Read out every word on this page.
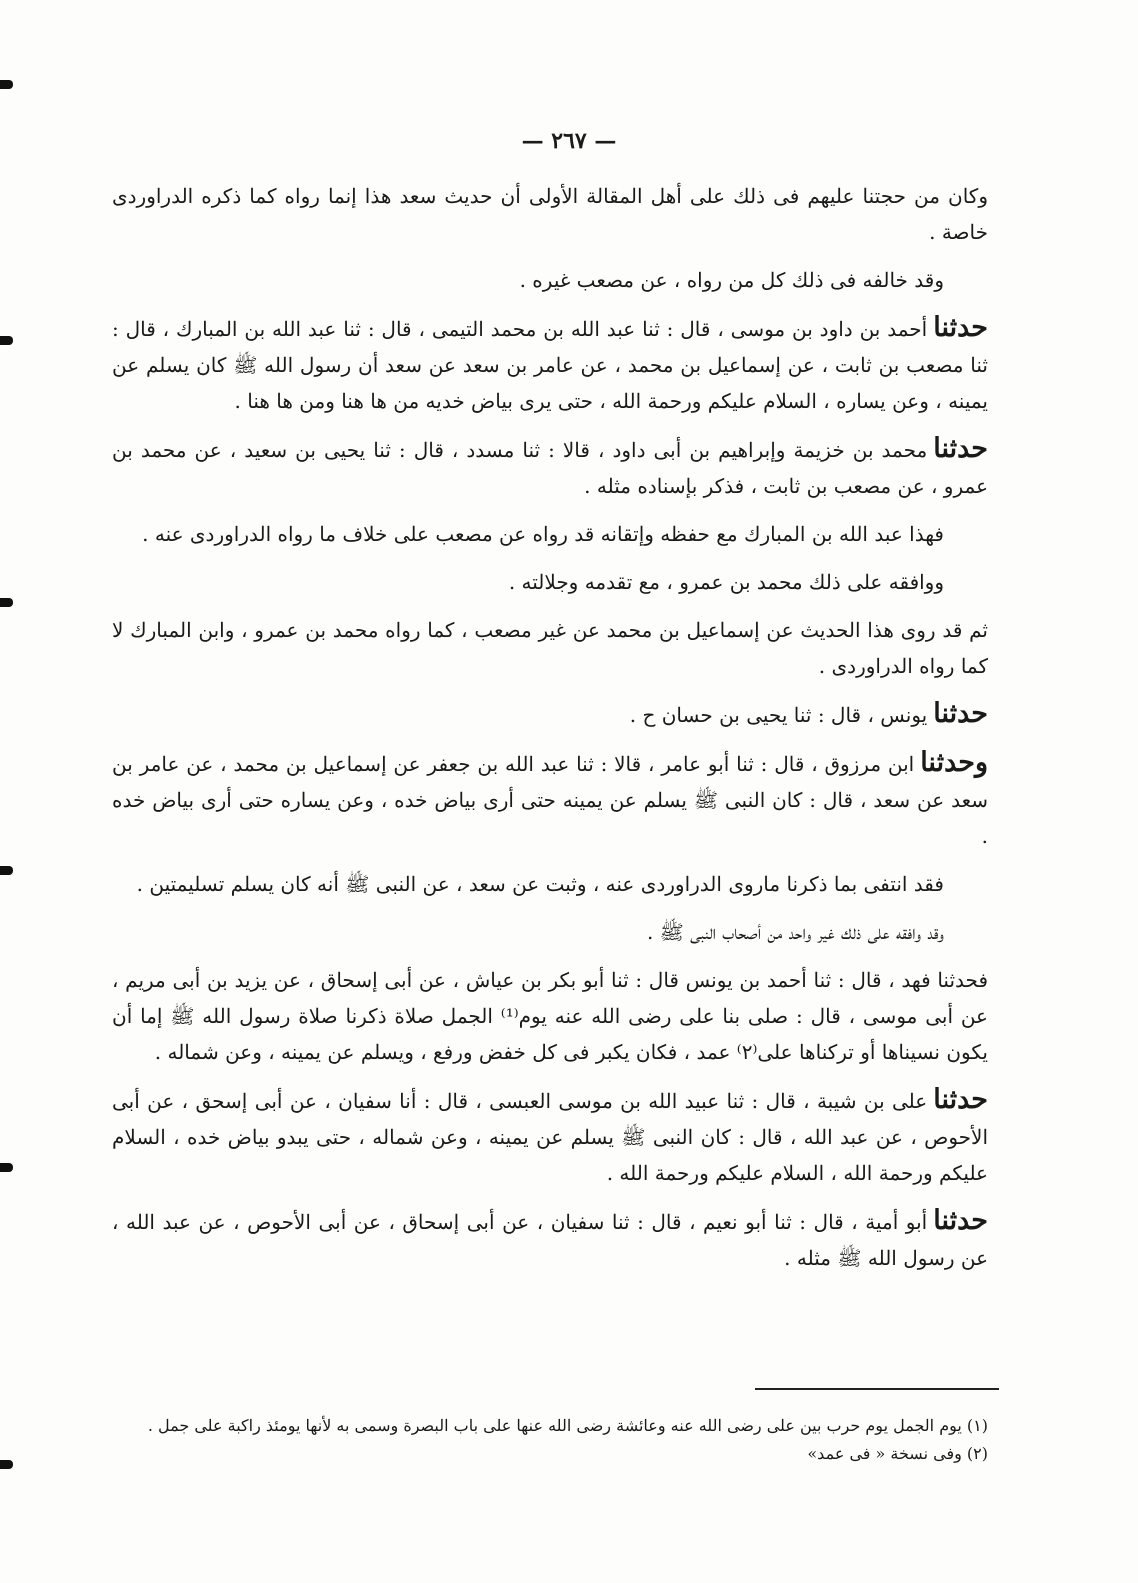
— ٢٦٧ —

وكان من حجتنا عليهم فى ذلك على أهل المقالة الأولى أن حديث سعد هذا إنما رواه كما ذكره الدراوردى خاصة .

وقد خالفه فى ذلك كل من رواه ، عن مصعب غيره .

حدثناأحمد بن داود بن موسى ، قال : ثنا عبد الله بن محمد التيمى ، قال : ثنا عبد الله بن المبارك ، قال : ثنا مصعب بن ثابت ، عن إسماعيل بن محمد ، عن عامر بن سعد عن سعد أن رسول الله ﷺ كان يسلم عن يمينه ، وعن يساره ، السلام عليكم ورحمة الله ، حتى يرى بياض خديه من ها هنا ومن ها هنا .

حدثنامحمد بن خزيمة وإبراهيم بن أبى داود ، قالا : ثنا مسدد ، قال : ثنا يحيى بن سعيد ، عن محمد بن عمرو ، عن مصعب بن ثابت ، فذكر بإسناده مثله .

فهذا عبد الله بن المبارك مع حفظه وإتقانه قد رواه عن مصعب على خلاف ما رواه الدراوردى عنه .

ووافقه على ذلك محمد بن عمرو ، مع تقدمه وجلالته .

ثم قد روى هذا الحديث عن إسماعيل بن محمد عن غير مصعب ، كما رواه محمد بن عمرو ، وابن المبارك لا كما رواه الدراوردى .

حدثنايونس ، قال : ثنا يحيى بن حسان ح .

وحدثناابن مرزوق ، قال : ثنا أبو عامر ، قالا : ثنا عبد الله بن جعفر عن إسماعيل بن محمد ، عن عامر بن سعد عن سعد ، قال : كان النبى ﷺ يسلم عن يمينه حتى أرى بياض خده ، وعن يساره حتى أرى بياض خده .

فقد انتفى بما ذكرنا ماروى الدراوردى عنه ، وثبت عن سعد ، عن النبى ﷺ أنه كان يسلم تسليمتين .

وقد وافقه على ذلك غير واحد من أصحاب النبى ﷺ .

فحدثنا فهد ، قال : ثنا أحمد بن يونس قال : ثنا أبو بكر بن عياش ، عن أبى إسحاق ، عن يزيد بن أبى مريم ، عن أبى موسى ، قال : صلى بنا على رضى الله عنه يوم⁽¹⁾ الجمل صلاة ذكرنا صلاة رسول الله ﷺ إما أن يكون نسيناها أو تركناها على⁽٢⁾ عمد ، فكان يكبر فى كل خفض ورفع ، ويسلم عن يمينه ، وعن شماله .

حدثناعلى بن شيبة ، قال : ثنا عبيد الله بن موسى العبسى ، قال : أنا سفيان ، عن أبى إسحق ، عن أبى الأحوص ، عن عبد الله ، قال : كان النبى ﷺ يسلم عن يمينه ، وعن شماله ، حتى يبدو بياض خده ، السلام عليكم ورحمة الله ، السلام عليكم ورحمة الله .

حدثناأبو أمية ، قال : ثنا أبو نعيم ، قال : ثنا سفيان ، عن أبى إسحاق ، عن أبى الأحوص ، عن عبد الله ، عن رسول الله ﷺ مثله .

(١) يوم الجمل يوم حرب بين على رضى الله عنه وعائشة رضى الله عنها على باب البصرة وسمى به لأنها يومئذ راكبة على جمل .

(٢) وفى نسخة « فى عمد»
